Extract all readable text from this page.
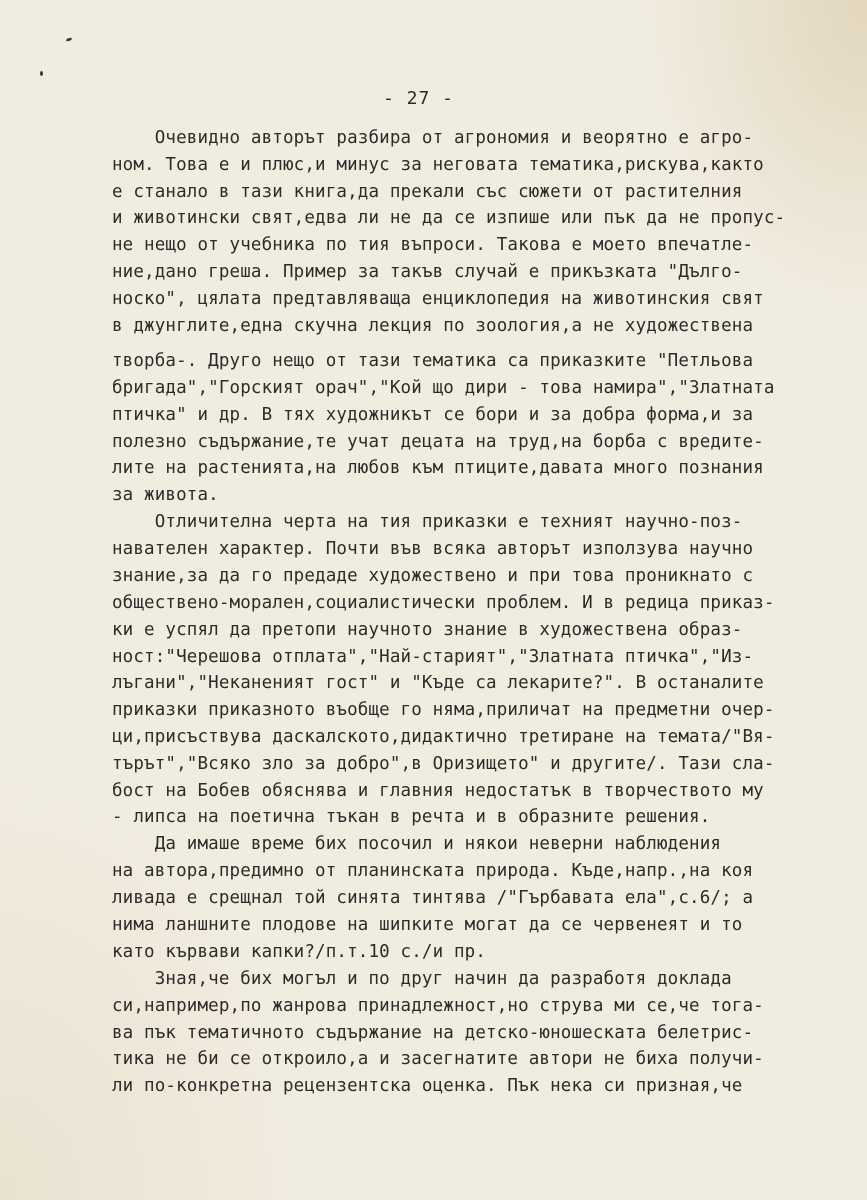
- 27 -
Очевидно авторът разбира от агрономия и веорятно е агро-
ном. Това е и плюс,и минус за неговата тематика,рискува,както
е станало в тази книга,да прекали със сюжети от растителния
и животински свят,едва ли не да се изпише или пък да не пропус-
не нещо от учебника по тия въпроси. Такова е моето впечатле-
ние,дано греша. Пример за такъв случай е прикъзката "Дълго-
носко", цялата предтавляваща енциклопедия на животинския свят
в джунглите,една скучна лекция по зоология,а не художествена
творба-. Друго нещо от тази тематика са приказките "Петльова
бригада","Горският орач","Кой що дири - това намира","Златната
птичка" и др. В тях художникът се бори и за добра форма,и за
полезно съдържание,те учат децата на труд,на борба с вредите-
лите на растенията,на любов към птиците,давата много познания
за живота.
Отличителна черта на тия приказки е техният научно-поз-
навателен характер. Почти във всяка авторът използува научно
знание,за да го предаде художествено и при това проникнато с
обществено-морален,социалистически проблем. И в редица приказ-
ки е успял да претопи научното знание в художествена образ-
ност:"Черешова отплата","Най-старият","Златната птичка","Из-
лъгани","Неканеният гост" и "Къде са лекарите?". В останалите
приказки приказното въобще го няма,приличат на предметни очер-
ци,присъствува даскалското,дидактично третиране на темата/"Вя-
търът","Всяко зло за добро",в Оризището" и другите/. Тази сла-
бост на Бобев обяснява и главния недостатък в творчеството му
- липса на поетична тъкан в речта и в образните решения.
Да имаше време бих посочил и някои неверни наблюдения
на автора,предимно от планинската природа. Къде,напр.,на коя
ливада е срещнал той синята тинтява /"Гърбавата ела",с.6/; а
нима ланшните плодове на шипките могат да се червенеят и то
като кървави капки?/п.т.10 с./и пр.
Зная,че бих могъл и по друг начин да разработя доклада
си,например,по жанрова принадлежност,но струва ми се,че тога-
ва пък тематичното съдържание на детско-юношеската белетрис-
тика не би се откроило,а и засегнатите автори не биха получи-
ли по-конкретна рецензентска оценка. Пък нека си призная,че
